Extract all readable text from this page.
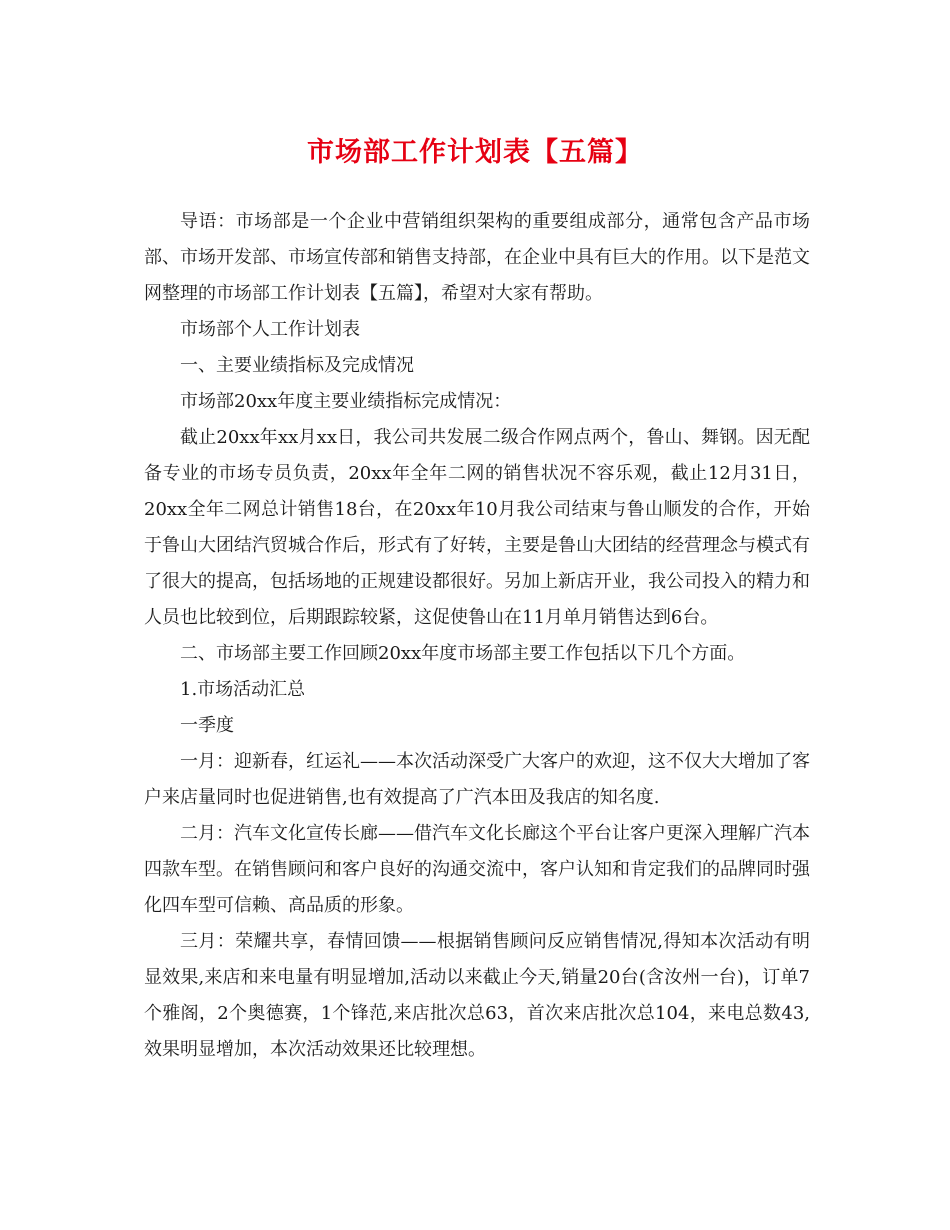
市场部工作计划表【五篇】

导语：市场部是一个企业中营销组织架构的重要组成部分，通常包含产品市场部、市场开发部、市场宣传部和销售支持部，在企业中具有巨大的作用。以下是范文网整理的市场部工作计划表【五篇】，希望对大家有帮助。

市场部个人工作计划表

一、主要业绩指标及完成情况

市场部20xx年度主要业绩指标完成情况：

截止20xx年xx月xx日，我公司共发展二级合作网点两个，鲁山、舞钢。因无配备专业的市场专员负责，20xx年全年二网的销售状况不容乐观，截止12月31日，20xx全年二网总计销售18台，在20xx年10月我公司结束与鲁山顺发的合作，开始于鲁山大团结汽贸城合作后，形式有了好转，主要是鲁山大团结的经营理念与模式有了很大的提高，包括场地的正规建设都很好。另加上新店开业，我公司投入的精力和人员也比较到位，后期跟踪较紧，这促使鲁山在11月单月销售达到6台。

二、市场部主要工作回顾20xx年度市场部主要工作包括以下几个方面。

1.市场活动汇总

一季度

一月：迎新春，红运礼——本次活动深受广大客户的欢迎，这不仅大大增加了客户来店量同时也促进销售,也有效提高了广汽本田及我店的知名度.

二月：汽车文化宣传长廊——借汽车文化长廊这个平台让客户更深入理解广汽本四款车型。在销售顾问和客户良好的沟通交流中，客户认知和肯定我们的品牌同时强化四车型可信赖、高品质的形象。

三月：荣耀共享，春情回馈——根据销售顾问反应销售情况,得知本次活动有明显效果,来店和来电量有明显增加,活动以来截止今天,销量20台(含汝州一台)，订单7个雅阁，2个奥德赛，1个锋范,来店批次总63，首次来店批次总104，来电总数43,效果明显增加，本次活动效果还比较理想。
